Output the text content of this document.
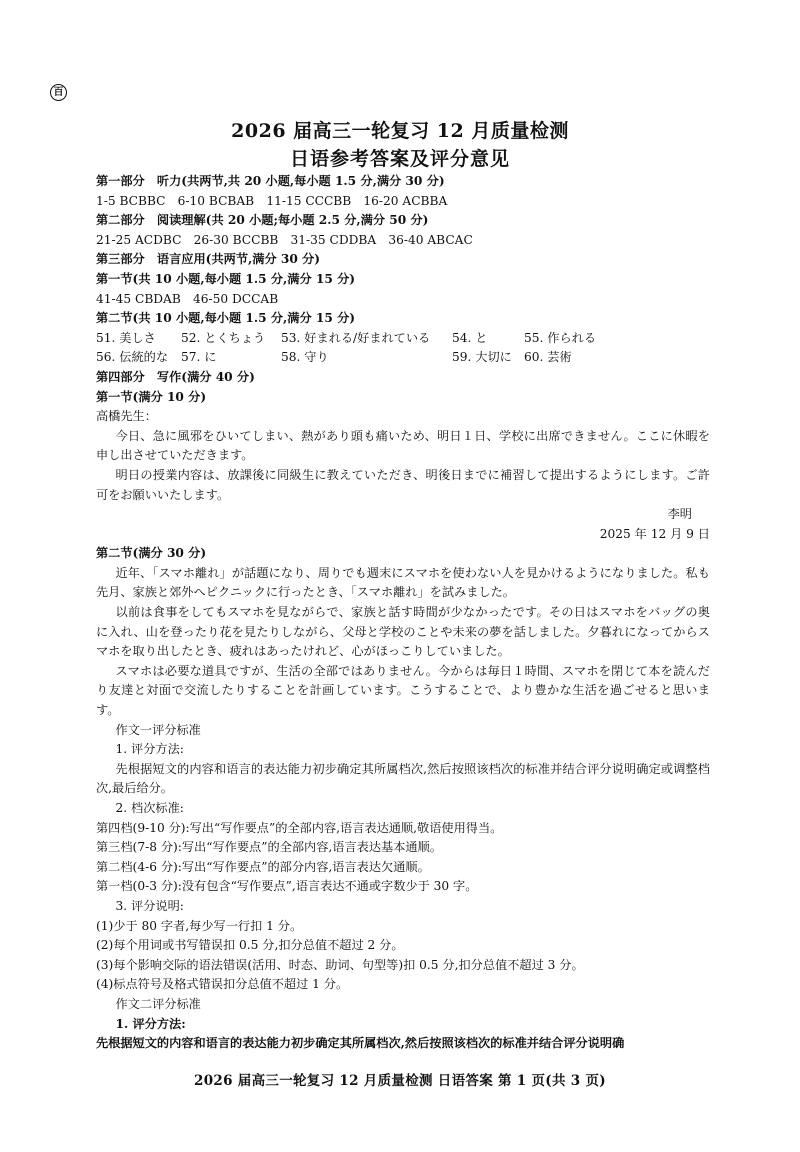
百
2026 届高三一轮复习 12 月质量检测
日语参考答案及评分意见
第一部分　听力(共两节,共 20 小题,每小题 1.5 分,满分 30 分)
1-5 BCBBC　6-10 BCBAB　11-15 CCCBB　16-20 ACBBA
第二部分　阅读理解(共 20 小题;每小题 2.5 分,满分 50 分)
21-25 ACDBC　26-30 BCCBB　31-35 CDDBA　36-40 ABCAC
第三部分　语言应用(共两节,满分 30 分)
第一节(共 10 小题,每小题 1.5 分,满分 15 分)
41-45 CBDAB　46-50 DCCAB
第二节(共 10 小题,每小题 1.5 分,满分 15 分)
51. 美しさ	52. とくちょう	53. 好まれる/好まれている	54. と	55. 作られる
56. 伝統的な	57. に	58. 守り	59. 大切に 60. 芸術
第四部分　写作(满分 40 分)
第一节(满分 10 分)
高橋先生：

今日、急に風邪をひいてしまい、熱があり頭も痛いため、明日１日、学校に出席できません。ここに休暇を申し出させていただきます。

明日の授業内容は、放課後に同級生に教えていただき、明後日までに補習して提出するようにします。ご許可をお願いいたします。

李明
2025 年 12 月 9 日
第二节(满分 30 分)

近年、「スマホ離れ」が話題になり、周りでも週末にスマホを使わない人を見かけるようになりました。私も先月、家族と郊外へピクニックに行ったとき、「スマホ離れ」を試みました。

以前は食事をしてもスマホを見ながらで、家族と話す時間が少なかったです。その日はスマホをバッグの奥に入れ、山を登ったり花を見たりしながら、父母と学校のことや未来の夢を話しました。夕暮れになってからスマホを取り出したとき、疲れはあったけれど、心がほっこりしていました。

スマホは必要な道具ですが、生活の全部ではありません。今からは毎日１時間、スマホを閉じて本を読んだり友達と対面で交流したりすることを計画しています。こうすることで、より豊かな生活を過ごせると思います。

作文一评分标准
1. 评分方法:

先根据短文的内容和语言的表达能力初步确定其所属档次,然后按照该档次的标准并结合评分说明确定或调整档次,最后给分。

2. 档次标准:
第四档(9-10 分):写出“写作要点”的全部内容,语言表达通顺,敬语使用得当。
第三档(7-8 分):写出“写作要点”的全部内容,语言表达基本通顺。
第二档(4-6 分):写出“写作要点”的部分内容,语言表达欠通顺。
第一档(0-3 分):没有包含“写作要点”,语言表达不通或字数少于 30 字。
3. 评分说明:
(1)少于 80 字者,每少写一行扣 1 分。
(2)每个用词或书写错误扣 0.5 分,扣分总值不超过 2 分。
(3)每个影响交际的语法错误(活用、时态、助词、句型等)扣 0.5 分,扣分总值不超过 3 分。
(4)标点符号及格式错误扣分总值不超过 1 分。
作文二评分标准
1. 评分方法:
先根据短文的内容和语言的表达能力初步确定其所属档次,然后按照该档次的标准并结合评分说明确
2026 届高三一轮复习 12 月质量检测 日语答案 第 1 页(共 3 页)
